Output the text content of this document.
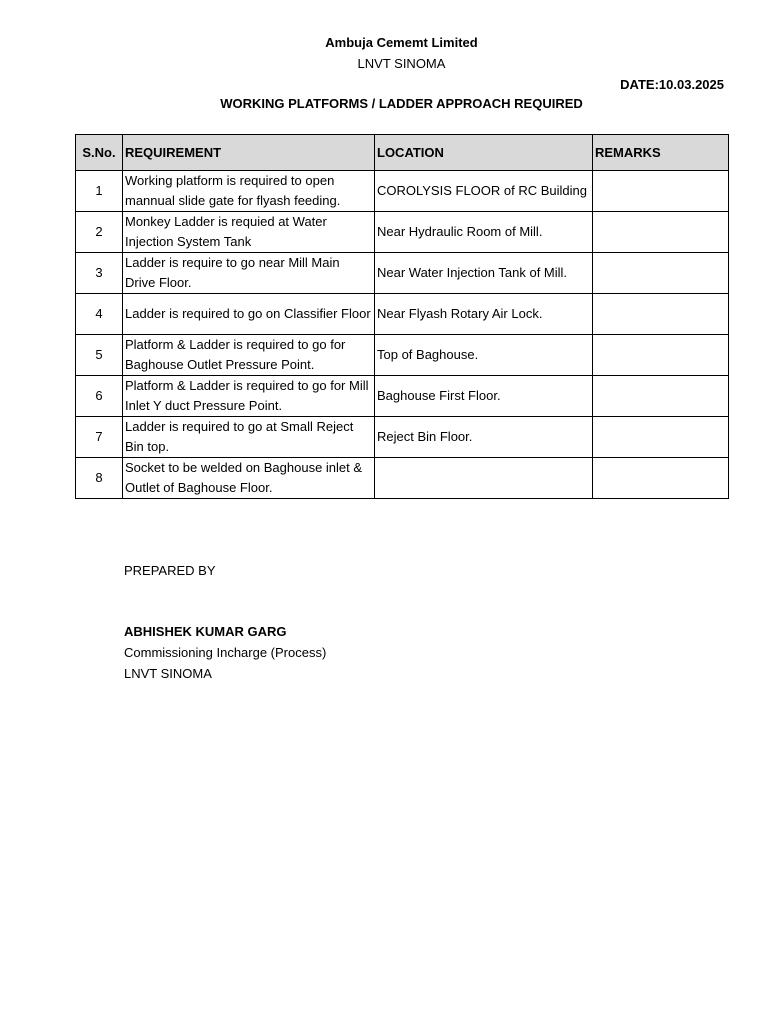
Ambuja Cememt Limited
LNVT SINOMA
DATE:10.03.2025
WORKING PLATFORMS / LADDER APPROACH REQUIRED
S.No.	REQUIREMENT	LOCATION	REMARKS
1	Working platform is required to open mannual slide gate for flyash feeding.	COROLYSIS FLOOR of RC Building	
2	Monkey Ladder is requied at Water Injection System Tank	Near Hydraulic Room of Mill.	
3	Ladder is require to go near Mill Main Drive Floor.	Near Water Injection Tank of Mill.	
4	Ladder is required to go on Classifier Floor	Near Flyash Rotary Air Lock.	
5	Platform & Ladder is required to go for Baghouse Outlet Pressure Point.	Top of Baghouse.	
6	Platform & Ladder is required to go for Mill Inlet Y duct Pressure Point.	Baghouse First Floor.	
7	Ladder is required to go at Small Reject Bin top.	Reject Bin Floor.	
8	Socket to be welded on Baghouse inlet & Outlet of Baghouse Floor.		
PREPARED BY
ABHISHEK KUMAR GARG
Commissioning Incharge (Process)
LNVT SINOMA
